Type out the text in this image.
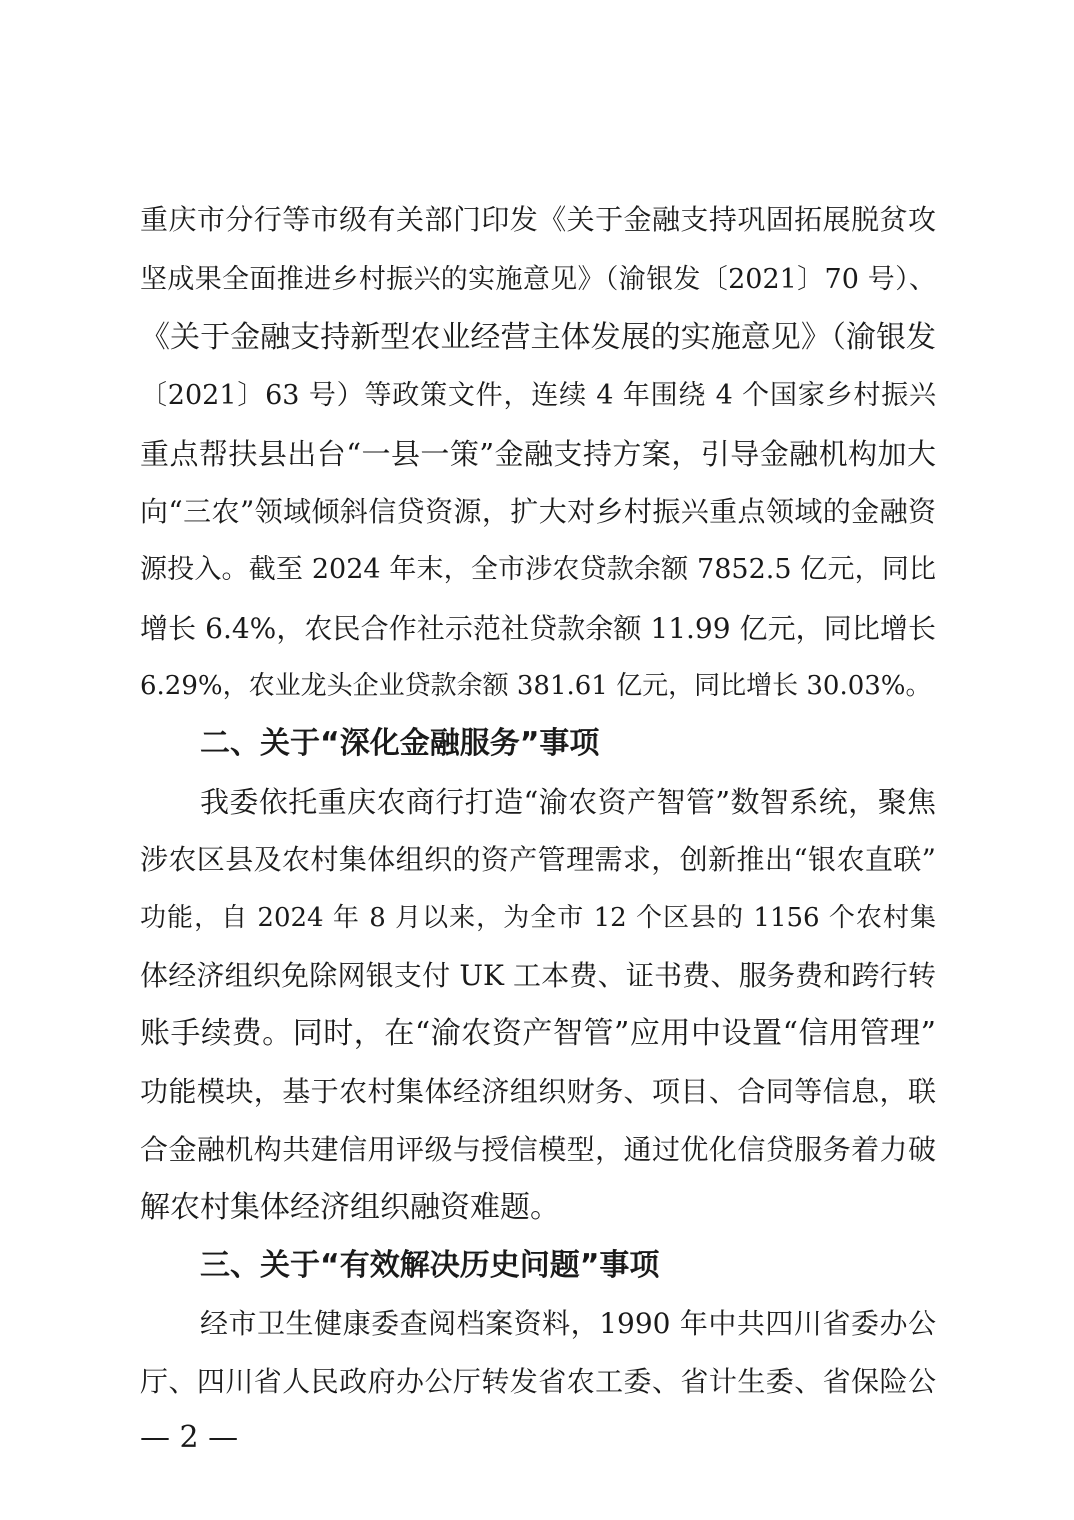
重庆市分行等市级有关部门印发《关于金融支持巩固拓展脱贫攻
坚成果全面推进乡村振兴的实施意见》（渝银发〔2021〕70 号）、
《关于金融支持新型农业经营主体发展的实施意见》（渝银发
〔2021〕63 号）等政策文件，连续 4 年围绕 4 个国家乡村振兴
重点帮扶县出台“一县一策”金融支持方案，引导金融机构加大
向“三农”领域倾斜信贷资源，扩大对乡村振兴重点领域的金融资
源投入。截至 2024 年末，全市涉农贷款余额 7852.5 亿元，同比
增长 6.4%，农民合作社示范社贷款余额 11.99 亿元，同比增长
6.29%，农业龙头企业贷款余额 381.61 亿元，同比增长 30.03%。
二、关于“深化金融服务”事项
我委依托重庆农商行打造“渝农资产智管”数智系统，聚焦
涉农区县及农村集体组织的资产管理需求，创新推出“银农直联”
功能，自 2024 年 8 月以来，为全市 12 个区县的 1156 个农村集
体经济组织免除网银支付 UK 工本费、证书费、服务费和跨行转
账手续费。同时，在“渝农资产智管”应用中设置“信用管理”
功能模块，基于农村集体经济组织财务、项目、合同等信息，联
合金融机构共建信用评级与授信模型，通过优化信贷服务着力破
解农村集体经济组织融资难题。
三、关于“有效解决历史问题”事项
经市卫生健康委查阅档案资料，1990 年中共四川省委办公
厅、四川省人民政府办公厅转发省农工委、省计生委、省保险公
— 2 —
